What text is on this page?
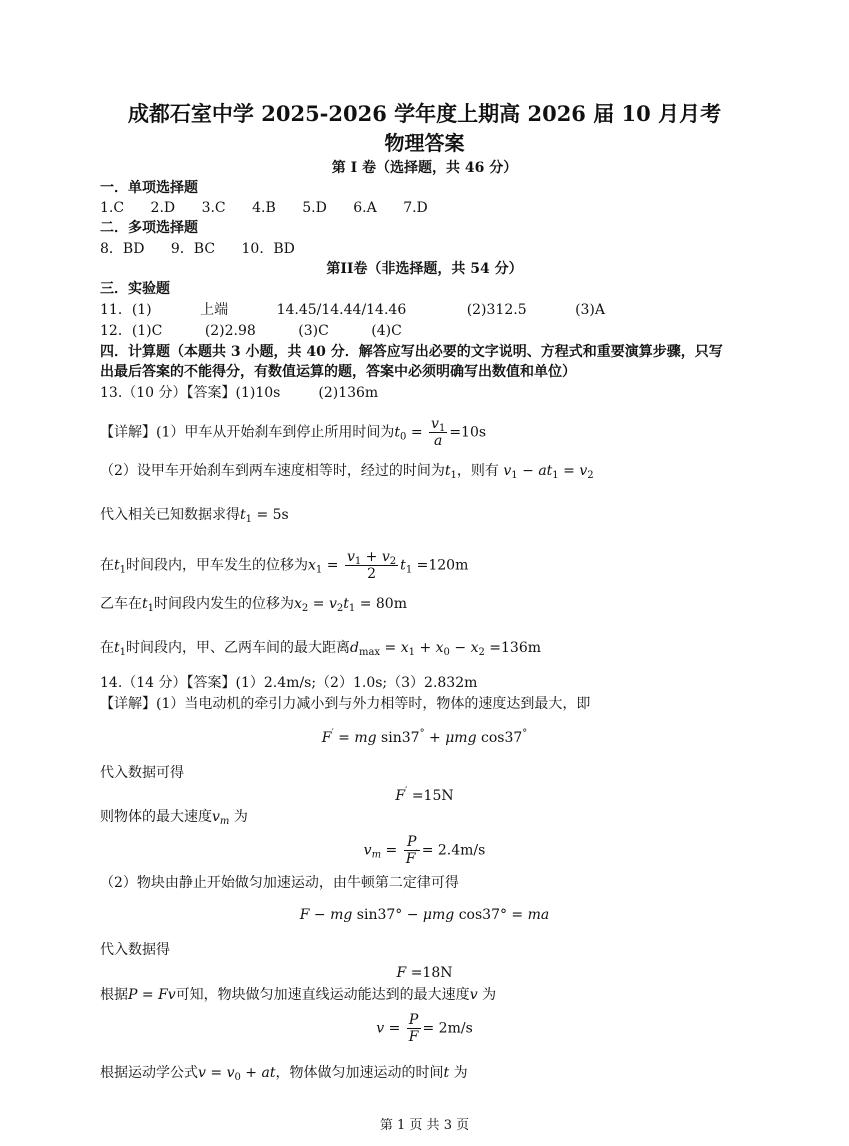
成都石室中学 2025-2026 学年度上期高 2026 届 10 月月考
物理答案
第 I 卷（选择题，共 46 分）
一．单项选择题
1.C 2.D 3.C 4.B 5.D 6.A 7.D
二．多项选择题
8．BD 9．BC 10．BD
第II卷（非选择题，共 54 分）
三．实验题
11．(1)	上端	14.45/14.44/14.46	(2)312.5	(3)A
12．(1)C	(2)2.98	(3)C	(4)C
四．计算题（本题共 3 小题，共 40 分．解答应写出必要的文字说明、方程式和重要演算步骤，只写
出最后答案的不能得分，有数值运算的题，答案中必须明确写出数值和单位）
13.（10 分）【答案】(1)10s	(2)136m
【详解】(1）甲车从开始刹车到停止所用时间为$t_0 = \frac{v_1}{a} =10s$
（2）设甲车开始刹车到两车速度相等时，经过的时间为$t_1$，则有 $v_1 - at_1 = v_2$
代入相关已知数据求得$t_1 = 5s$
在$t_1$时间段内，甲车发生的位移为$x_1 = \frac{v_1 + v_2}{2} t_1 =120m$
乙车在$t_1$时间段内发生的位移为$x_2 = v_2t_1 = 80m$
在$t_1$时间段内，甲、乙两车间的最大距离$d_{max} = x_1 + x_0 - x_2 =136m$
14.（14 分）【答案】(1）2.4m/s;（2）1.0s;（3）2.832m
【详解】(1）当电动机的牵引力减小到与外力相等时，物体的速度达到最大，即
F′ = mg sin37° + μmg cos37°
代入数据可得
F′ =15N
则物体的最大速度$v_m$ 为
$v_m = \frac{P}{F'} = 2.4m/s$
（2）物块由静止开始做匀加速运动，由牛顿第二定律可得
F − mg sin37° − μmg cos37° = ma
代入数据得
F =18N
根据P = Fv可知，物块做匀加速直线运动能达到的最大速度v 为
$v = \frac{P}{F} = 2m/s$
根据运动学公式$v = v_0$ + at，物体做匀加速运动的时间t 为
第 1 页 共 3 页
